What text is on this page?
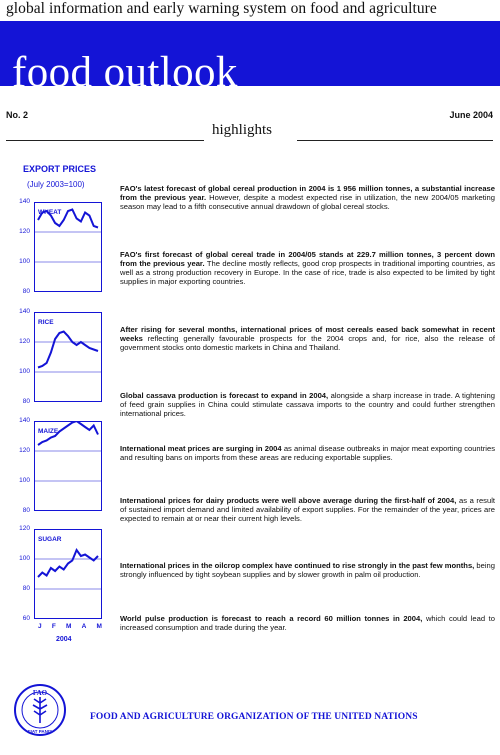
global information and early warning system on food and agriculture
food outlook
No. 2	June 2004
highlights
EXPORT PRICES
(July 2003=100)
140
120
100
80
WHEAT
140
120
100
80
RICE
140
120
100
80
MAIZE
120
100
80
60
SUGAR
J F M A M
2004
FAO's latest forecast of global cereal production in 2004 is 1 956 million tonnes, a substantial increase from the previous year. However, despite a modest expected rise in utilization, the new 2004/05 marketing season may lead to a fifth consecutive annual drawdown of global cereal stocks.
FAO's first forecast of global cereal trade in 2004/05 stands at 229.7 million tonnes, 3 percent down from the previous year. The decline mostly reflects, good crop prospects in traditional importing countries, as well as a strong production recovery in Europe. In the case of rice, trade is also expected to be limited by tight supplies in major exporting countries.
After rising for several months, international prices of most cereals eased back somewhat in recent weeks reflecting generally favourable prospects for the 2004 crops and, for rice, also the release of government stocks onto domestic markets in China and Thailand.
Global cassava production is forecast to expand in 2004, alongside a sharp increase in trade. A tightening of feed grain supplies in China could stimulate cassava imports to the country and could further strengthen international prices.
International meat prices are surging in 2004 as animal disease outbreaks in major meat exporting countries and resulting bans on imports from these areas are reducing exportable supplies.
International prices for dairy products were well above average during the first-half of 2004, as a result of sustained import demand and limited availability of export supplies. For the remainder of the year, prices are expected to remain at or near their current high levels.
International prices in the oilcrop complex have continued to rise strongly in the past few months, being strongly influenced by tight soybean supplies and by slower growth in palm oil production.
World pulse production is forecast to reach a record 60 million tonnes in 2004, which could lead to increased consumption and trade during the year.
FAO
FIAT PANIS
FOOD AND AGRICULTURE ORGANIZATION OF THE UNITED NATIONS
